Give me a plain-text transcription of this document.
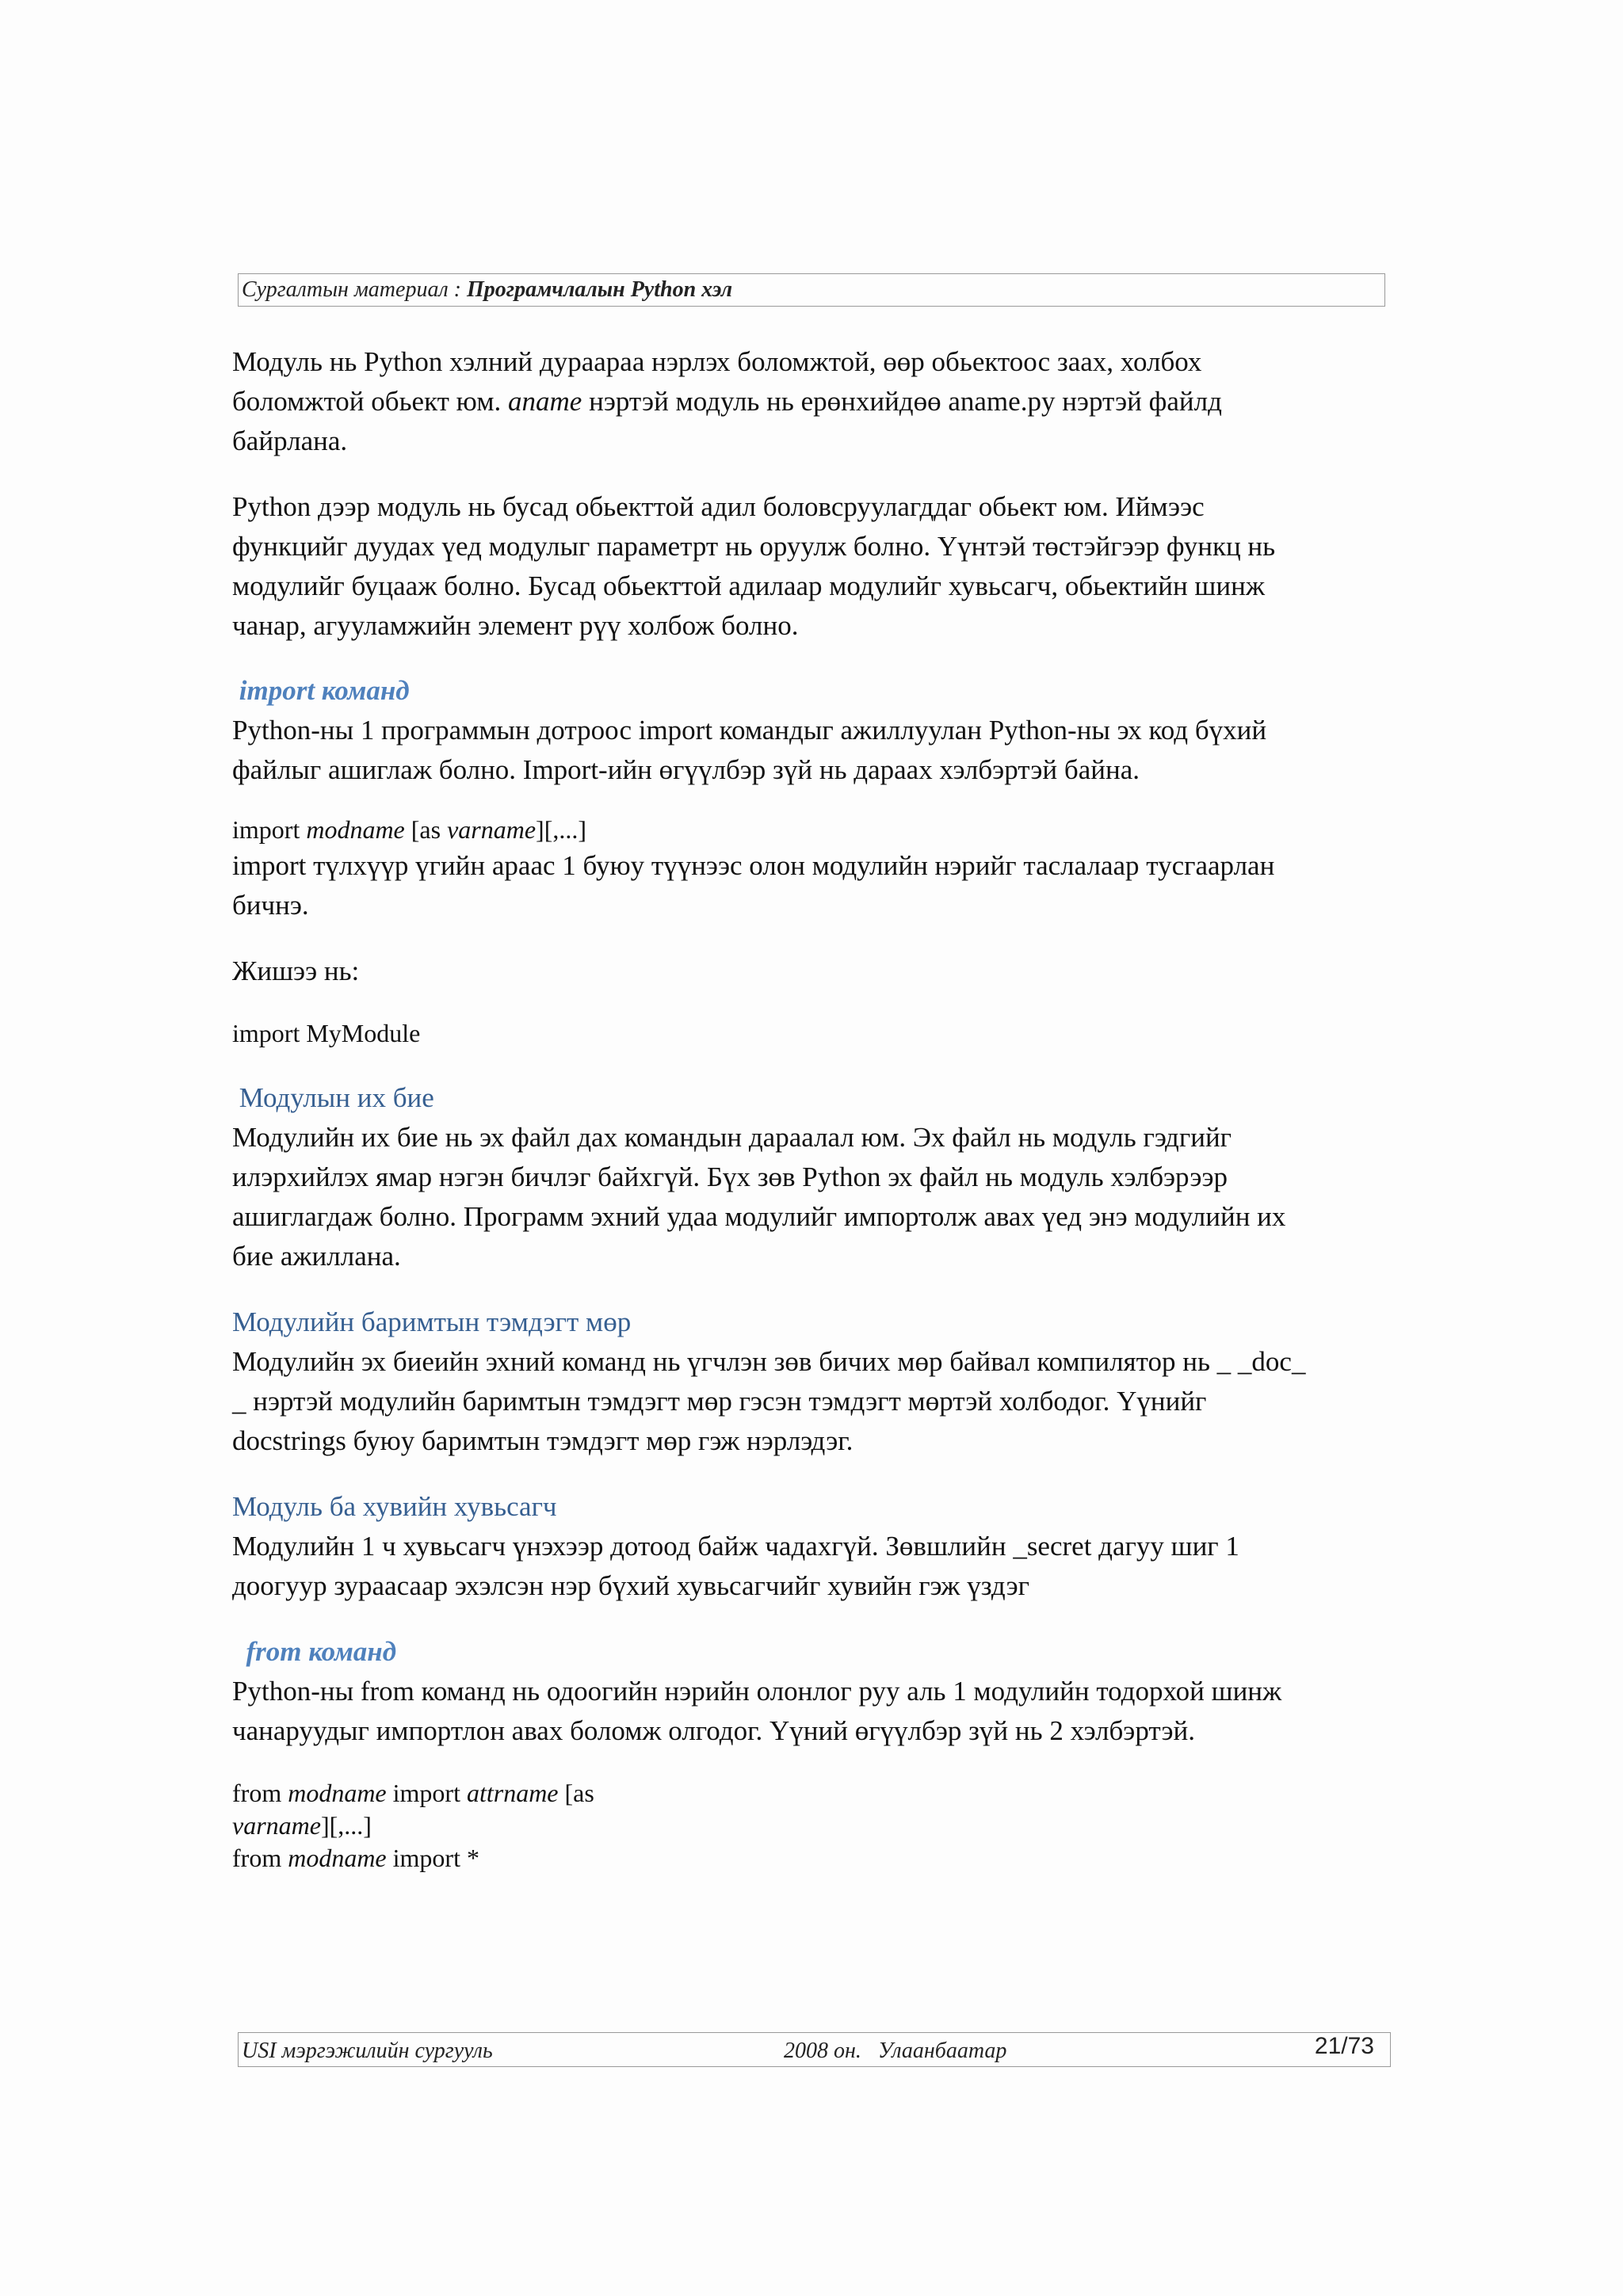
Сургалтын материал : Програмчлалын Python хэл

Модуль нь Python хэлний дураараа нэрлэх боломжтой, өөр обьектоос заах, холбох

боломжтой обьект юм. aname нэртэй модуль нь ерөнхийдөө aname.py нэртэй файлд

байрлана.

Python дээр модуль нь бусад обьекттой адил боловсруулагддаг обьект юм. Иймээс

функцийг дуудах үед модулыг параметрт нь оруулж болно. Үүнтэй төстэйгээр функц нь

модулийг буцааж болно. Бусад обьекттой адилаар модулийг хувьсагч, обьектийн шинж

чанар, агууламжийн элемент рүү холбож болно.

import команд

Python-ны 1 программын дотроос import командыг ажиллуулан Python-ны эх код бүхий

файлыг ашиглаж болно. Import-ийн өгүүлбэр зүй нь дараах хэлбэртэй байна.

import modname [as varname][,...]

import түлхүүр үгийн араас 1 буюу түүнээс олон модулийн нэрийг таслалаар тусгаарлан

бичнэ.

Жишээ нь:

import MyModule

Модулын их бие

Модулийн их бие нь эх файл дах командын дараалал юм. Эх файл нь модуль гэдгийг

илэрхийлэх ямар нэгэн бичлэг байхгүй. Бүх зөв Python эх файл нь модуль хэлбэрээр

ашиглагдаж болно. Программ эхний удаа модулийг импортолж авах үед энэ модулийн их

бие ажиллана.

Модулийн баримтын тэмдэгт мөр

Модулийн эх биеийн эхний команд нь үгчлэн зөв бичих мөр байвал компилятор нь _ _doc_

_ нэртэй модулийн баримтын тэмдэгт мөр гэсэн тэмдэгт мөртэй холбодог. Үүнийг

docstrings буюу баримтын тэмдэгт мөр гэж нэрлэдэг.

Модуль ба хувийн хувьсагч

Модулийн 1 ч хувьсагч үнэхээр дотоод байж чадахгүй. Зөвшлийн _secret дагуу шиг 1

доогуур зураасаар эхэлсэн нэр бүхий хувьсагчийг хувийн гэж үздэг

from команд

Python-ны from команд нь одоогийн нэрийн олонлог руу аль 1 модулийн тодорхой шинж

чанаруудыг импортлон авах боломж олгодог. Үүний өгүүлбэр зүй нь 2 хэлбэртэй.

from modname import attrname [as

varname][,...]

from modname import *

USI мэргэжилийн сургууль	2008 он.   Улаанбаатар	21/73
